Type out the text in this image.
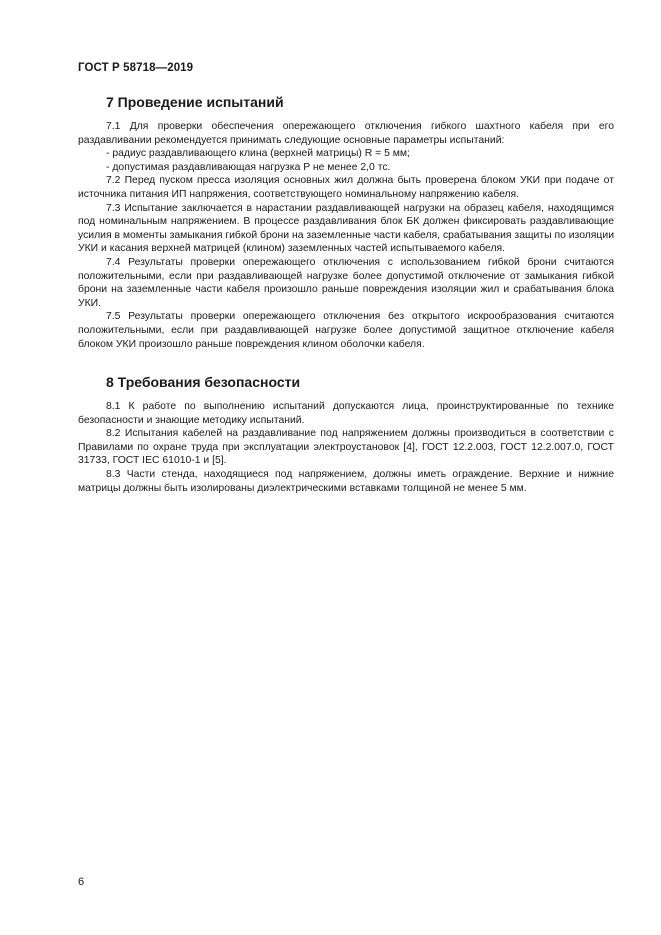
ГОСТ Р 58718—2019
7 Проведение испытаний

7.1 Для проверки обеспечения опережающего отключения гибкого шахтного кабеля при его раздавливании рекомендуется принимать следующие основные параметры испытаний:

- радиус раздавливающего клина (верхней матрицы) R = 5 мм;

- допустимая раздавливающая нагрузка P не менее 2,0 тс.

7.2 Перед пуском пресса изоляция основных жил должна быть проверена блоком УКИ при подаче от источника питания ИП напряжения, соответствующего номинальному напряжению кабеля.

7.3 Испытание заключается в нарастании раздавливающей нагрузки на образец кабеля, находящимся под номинальным напряжением. В процессе раздавливания блок БК должен фиксировать раздавливающие усилия в моменты замыкания гибкой брони на заземленные части кабеля, срабатывания защиты по изоляции УКИ и касания верхней матрицей (клином) заземленных частей испытываемого кабеля.

7.4 Результаты проверки опережающего отключения с использованием гибкой брони считаются положительными, если при раздавливающей нагрузке более допустимой отключение от замыкания гибкой брони на заземленные части кабеля произошло раньше повреждения изоляции жил и срабатывания блока УКИ.

7.5 Результаты проверки опережающего отключения без открытого искрообразования считаются положительными, если при раздавливающей нагрузке более допустимой защитное отключение кабеля блоком УКИ произошло раньше повреждения клином оболочки кабеля.

8 Требования безопасности

8.1 К работе по выполнению испытаний допускаются лица, проинструктированные по технике безопасности и знающие методику испытаний.

8.2 Испытания кабелей на раздавливание под напряжением должны производиться в соответствии с Правилами по охране труда при эксплуатации электроустановок [4], ГОСТ 12.2.003, ГОСТ 12.2.007.0, ГОСТ 31733, ГОСТ IEC 61010-1 и [5].

8.3 Части стенда, находящиеся под напряжением, должны иметь ограждение. Верхние и нижние матрицы должны быть изолированы диэлектрическими вставками толщиной не менее 5 мм.

6
